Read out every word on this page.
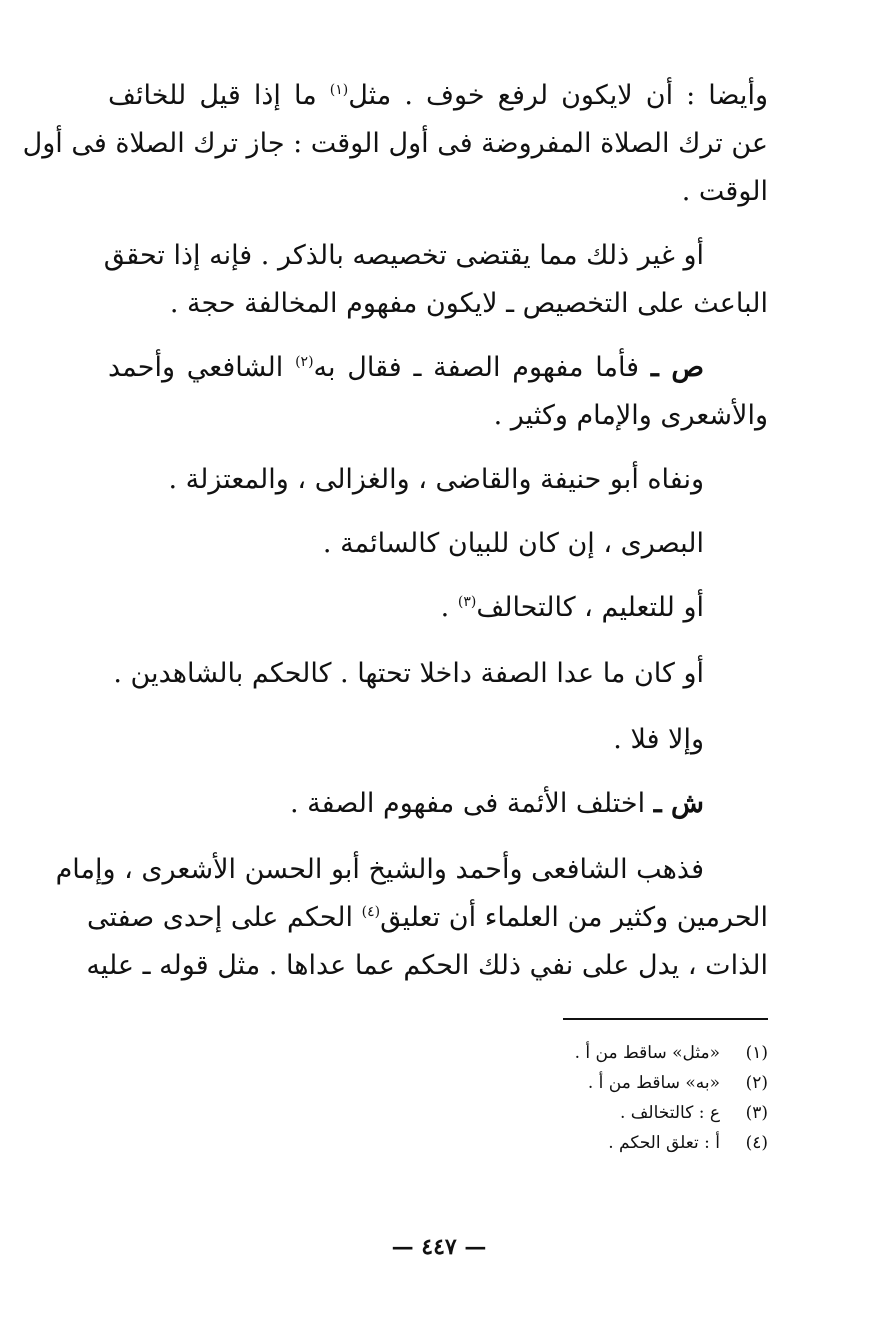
وأيضا : أن لايكون لرفع خوف . مثل$^{(١)}$ ما إذا قيل للخائف
عن ترك الصلاة المفروضة فى أول الوقت : جاز ترك الصلاة فى أول
الوقت .
أو غير ذلك مما يقتضى تخصيصه بالذكر . فإنه إذا تحقق
الباعث على التخصيص ـ لايكون مفهوم المخالفة حجة .
ص ـ فأما مفهوم الصفة ـ فقال به$^{(٢)}$ الشافعي وأحمد
والأشعرى والإمام وكثير .
ونفاه أبو حنيفة والقاضى ، والغزالى ، والمعتزلة .
البصرى ، إن كان للبيان كالسائمة .
أو للتعليم ، كالتحالف$^{(٣)}$ .
أو كان ما عدا الصفة داخلا تحتها . كالحكم بالشاهدين .
وإلا فلا .
ش ـ اختلف الأئمة فى مفهوم الصفة .
فذهب الشافعى وأحمد والشيخ أبو الحسن الأشعرى ، وإمام
الحرمين وكثير من العلماء أن تعليق$^{(٤)}$ الحكم على إحدى صفتى
الذات ، يدل على نفي ذلك الحكم عما عداها . مثل قوله ـ عليه
(١)«مثل» ساقط من أ .
(٢)«به» ساقط من أ .
(٣)ع : كالتخالف .
(٤)أ : تعلق الحكم .
— ٤٤٧ —
